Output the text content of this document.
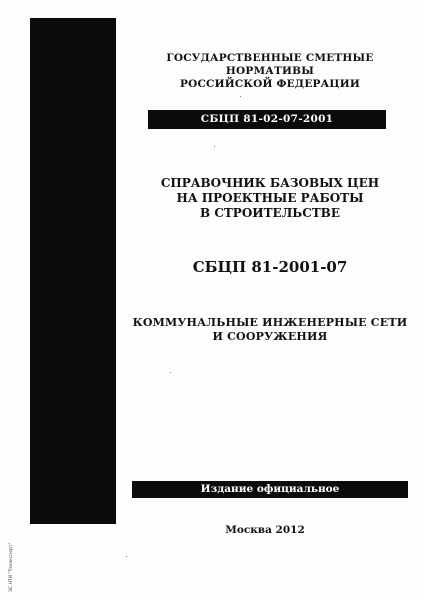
ГОСУДАРСТВЕННЫЕ СМЕТНЫЕ НОРМАТИВЫ
РОССИЙСКОЙ ФЕДЕРАЦИИ
СБЦП 81-02-07-2001
СПРАВОЧНИК БАЗОВЫХ ЦЕН
НА ПРОЕКТНЫЕ РАБОТЫ
В СТРОИТЕЛЬСТВЕ
СБЦП 81-2001-07
КОММУНАЛЬНЫЕ ИНЖЕНЕРНЫЕ СЕТИ
И СООРУЖЕНИЯ
Издание официальное
Москва 2012
ЗС НТИ "Техэксперт"
